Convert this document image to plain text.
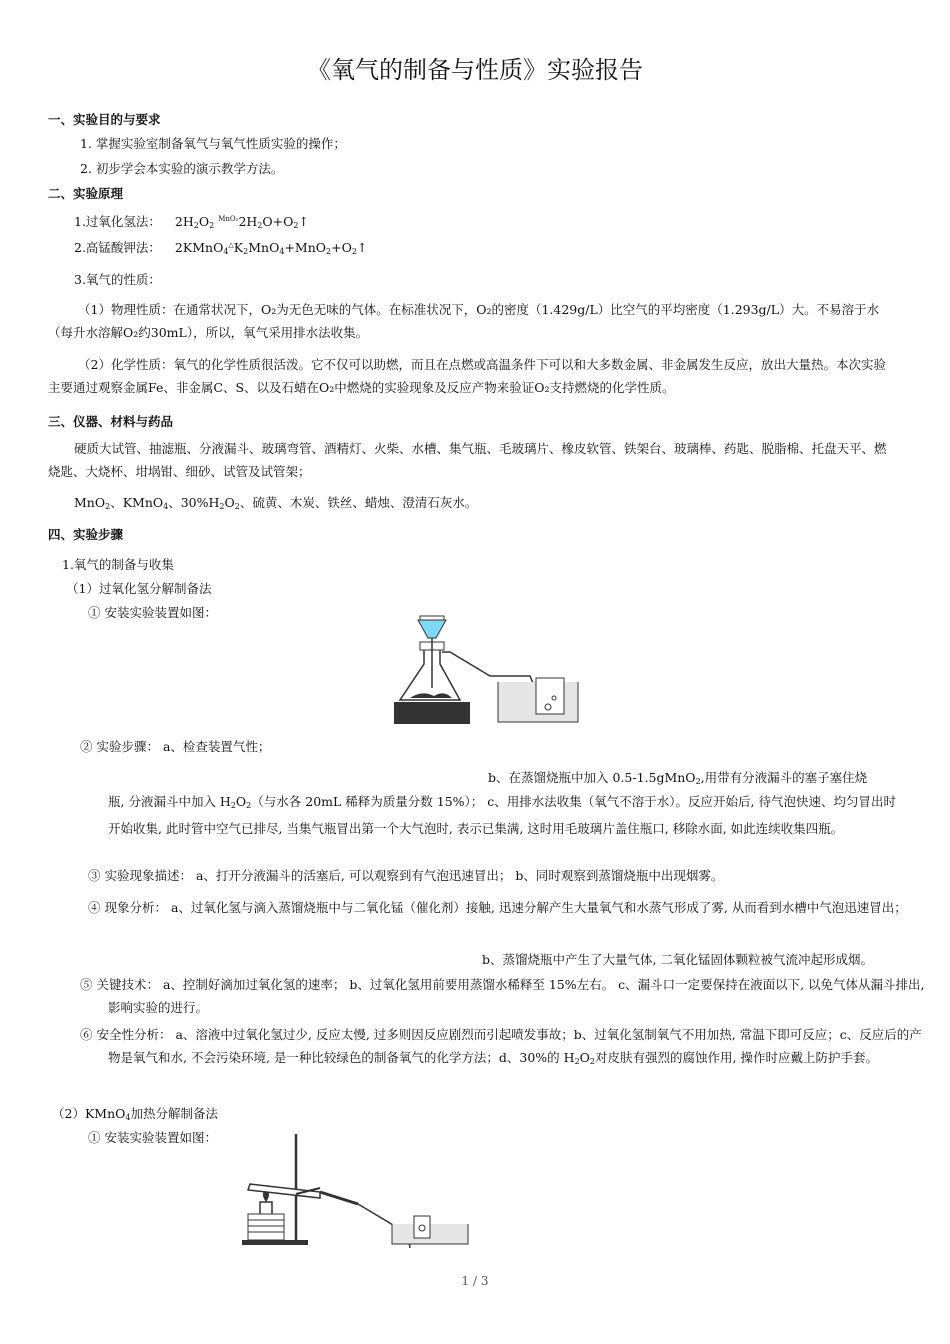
《氧气的制备与性质》实验报告
一、实验目的与要求
1. 掌握实验室制备氧气与氧气性质实验的操作；
2. 初步学会本实验的演示教学方法。
二、实验原理
1.过氧化氢法： $2H_2O_2$ $^{MnO_2}2H_2O+O_2↑$
2.高锰酸钾法： $2KMnO_4^\triangle K_2MnO_4+MnO_2+O_2↑$
3.氧气的性质：
（1）物理性质：在通常状况下，O₂为无色无味的气体。在标准状况下，O₂的密度（1.429g/L）比空气的平均密度（1.293g/L）大。不易溶于水（每升水溶解O₂约30mL），所以，氧气采用排水法收集。
（2）化学性质：氧气的化学性质很活泼。它不仅可以助燃，而且在点燃或高温条件下可以和大多数金属、非金属发生反应，放出大量热。本次实验主要通过观察金属Fe、非金属C、S、以及石蜡在O₂中燃烧的实验现象及反应产物来验证O₂支持燃烧的化学性质。
三、仪器、材料与药品
硬质大试管、抽滤瓶、分液漏斗、玻璃弯管、酒精灯、火柴、水槽、集气瓶、毛玻璃片、橡皮软管、铁架台、玻璃棒、药匙、脱脂棉、托盘天平、燃烧匙、大烧杯、坩埚钳、细砂、试管及试管架；
MnO$_2$、KMnO$_4$、$30\%H_2O_2$、硫黄、木炭、铁丝、蜡烛、澄清石灰水。
四、实验步骤
1.氧气的制备与收集
（1）过氧化氢分解制备法
① 安装实验装置如图：
② 实验步骤： a、检查装置气性；
b、在蒸馏烧瓶中加入 0.5-1.5gMnO$_2$,用带有分液漏斗的塞子塞住烧
瓶, 分液漏斗中加入 $H_2O_2$（与水各 20mL 稀释为质量分数 15%）； c、用排水法收集（氧气不溶于水）。反应开始后, 待气泡快速、均匀冒出时开始收集, 此时管中空气已排尽, 当集气瓶冒出第一个大气泡时, 表示已集满, 这时用毛玻璃片盖住瓶口, 移除水面, 如此连续收集四瓶。
③ 实验现象描述： a、打开分液漏斗的活塞后, 可以观察到有气泡迅速冒出； b、同时观察到蒸馏烧瓶中出现烟雾。
④ 现象分析： a、过氧化氢与滴入蒸馏烧瓶中与二氧化锰（催化剂）接触, 迅速分解产生大量氧气和水蒸气形成了雾, 从而看到水槽中气泡迅速冒出；
b、蒸馏烧瓶中产生了大量气体, 二氧化锰固体颗粒被气流冲起形成烟。
⑤ 关键技术： a、控制好滴加过氧化氢的速率； b、过氧化氢用前要用蒸馏水稀释至 15%左右。 c、漏斗口一定要保持在液面以下, 以免气体从漏斗排出, 影响实验的进行。
⑥ 安全性分析： a、溶液中过氧化氢过少, 反应太慢, 过多则因反应剧烈而引起喷发事故；b、过氧化氢制氧气不用加热, 常温下即可反应；c、反应后的产物是氧气和水, 不会污染环境, 是一种比较绿色的制备氧气的化学方法；d、30%的 $H_2O_2$对皮肤有强烈的腐蚀作用, 操作时应戴上防护手套。
（2）KMnO$_4$加热分解制备法
① 安装实验装置如图：
1 / 3
